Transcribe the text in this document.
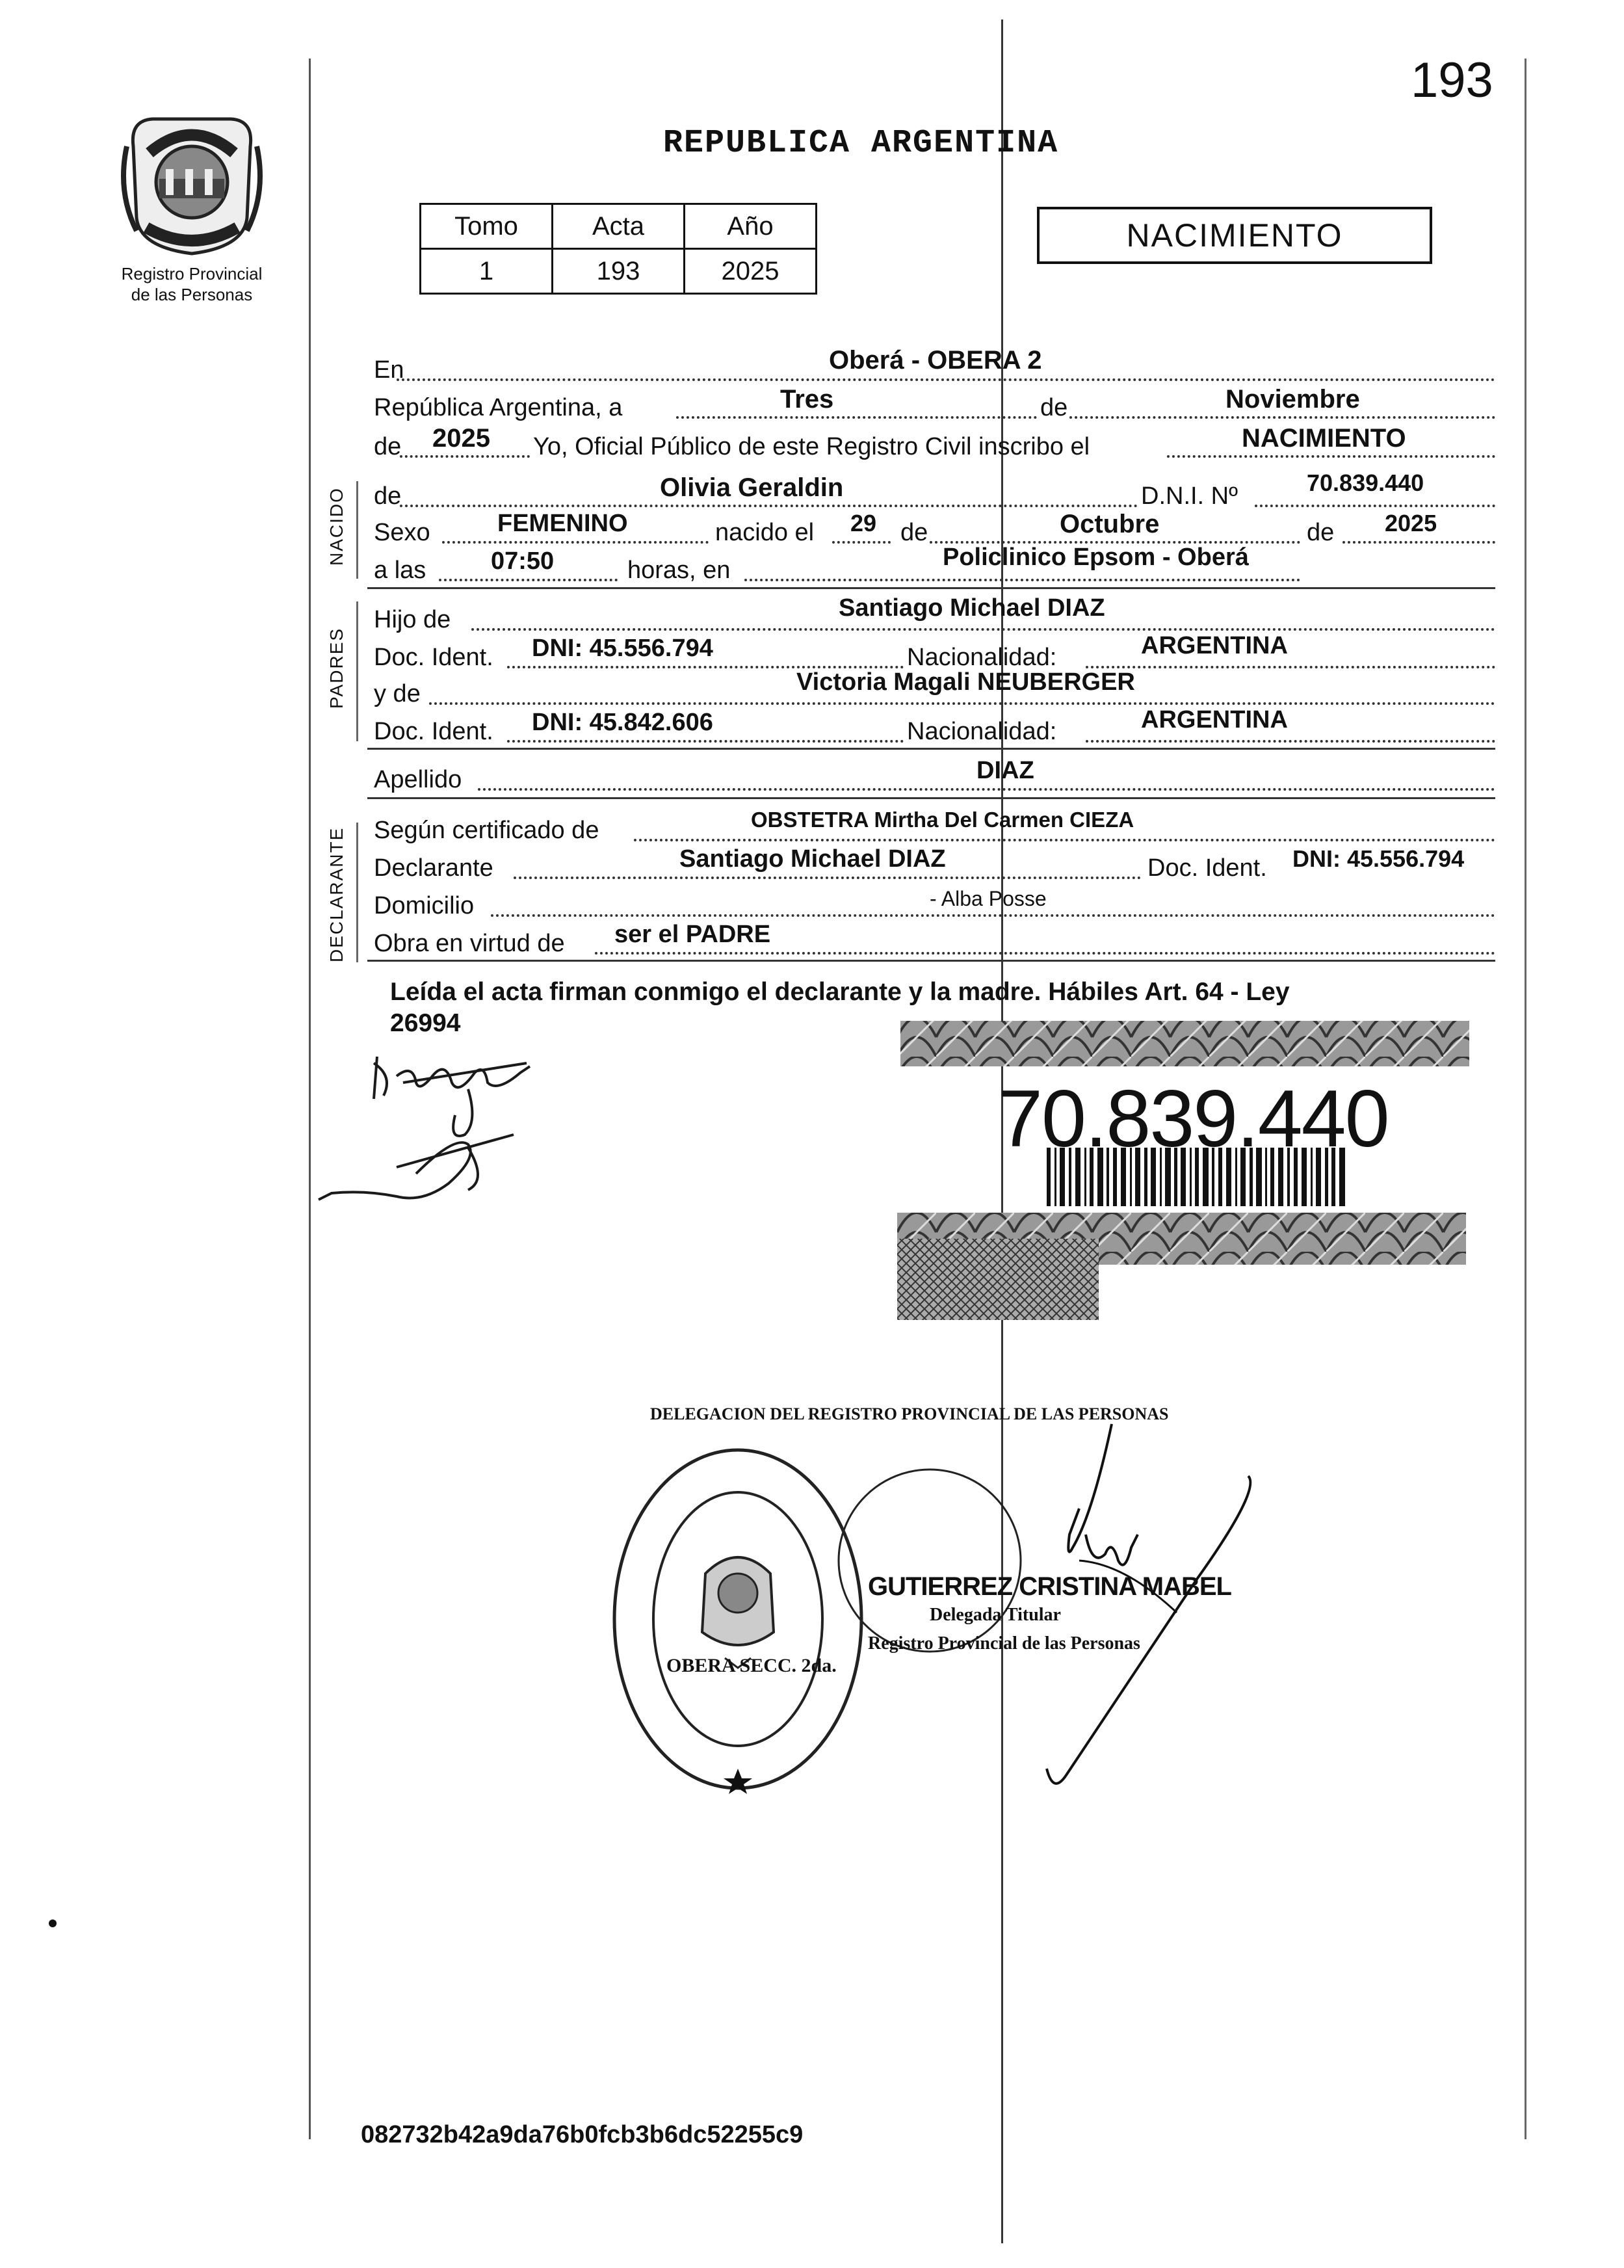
193
Registro Provincial
de las Personas
REPUBLICA ARGENTINA
Tomo	Acta	Año
1	193	2025
NACIMIENTO
NACIDO
PADRES
DECLARANTE
En	Oberá - OBERA 2
República Argentina, a	Tres	de	Noviembre
de 2025 Yo, Oficial Público de este Registro Civil inscribo el	NACIMIENTO
de	Olivia Geraldin	D.N.I. Nº	70.839.440
Sexo	FEMENINO	nacido el 29 de	Octubre	de 2025
a las	07:50	horas, en	Policlinico Epsom - Oberá
Hijo de	Santiago Michael DIAZ
Doc. Ident. DNI: 45.556.794	Nacionalidad:	ARGENTINA
y de	Victoria Magali NEUBERGER
Doc. Ident. DNI: 45.842.606	Nacionalidad:	ARGENTINA
Apellido	DIAZ
Según certificado de	OBSTETRA Mirtha Del Carmen CIEZA
Declarante	Santiago Michael DIAZ	Doc. Ident. DNI: 45.556.794
Domicilio	- Alba Posse
Obra en virtud de ser el PADRE
Leída el acta firman conmigo el declarante y la madre. Hábiles Art. 64 - Ley
26994
70.839.440
DELEGACION DEL REGISTRO PROVINCIAL DE LAS PERSONAS
OBERA SECC. 2da.
GUTIERREZ CRISTINA MABEL
Delegada Titular
Registro Provincial de las Personas
082732b42a9da76b0fcb3b6dc52255c9
